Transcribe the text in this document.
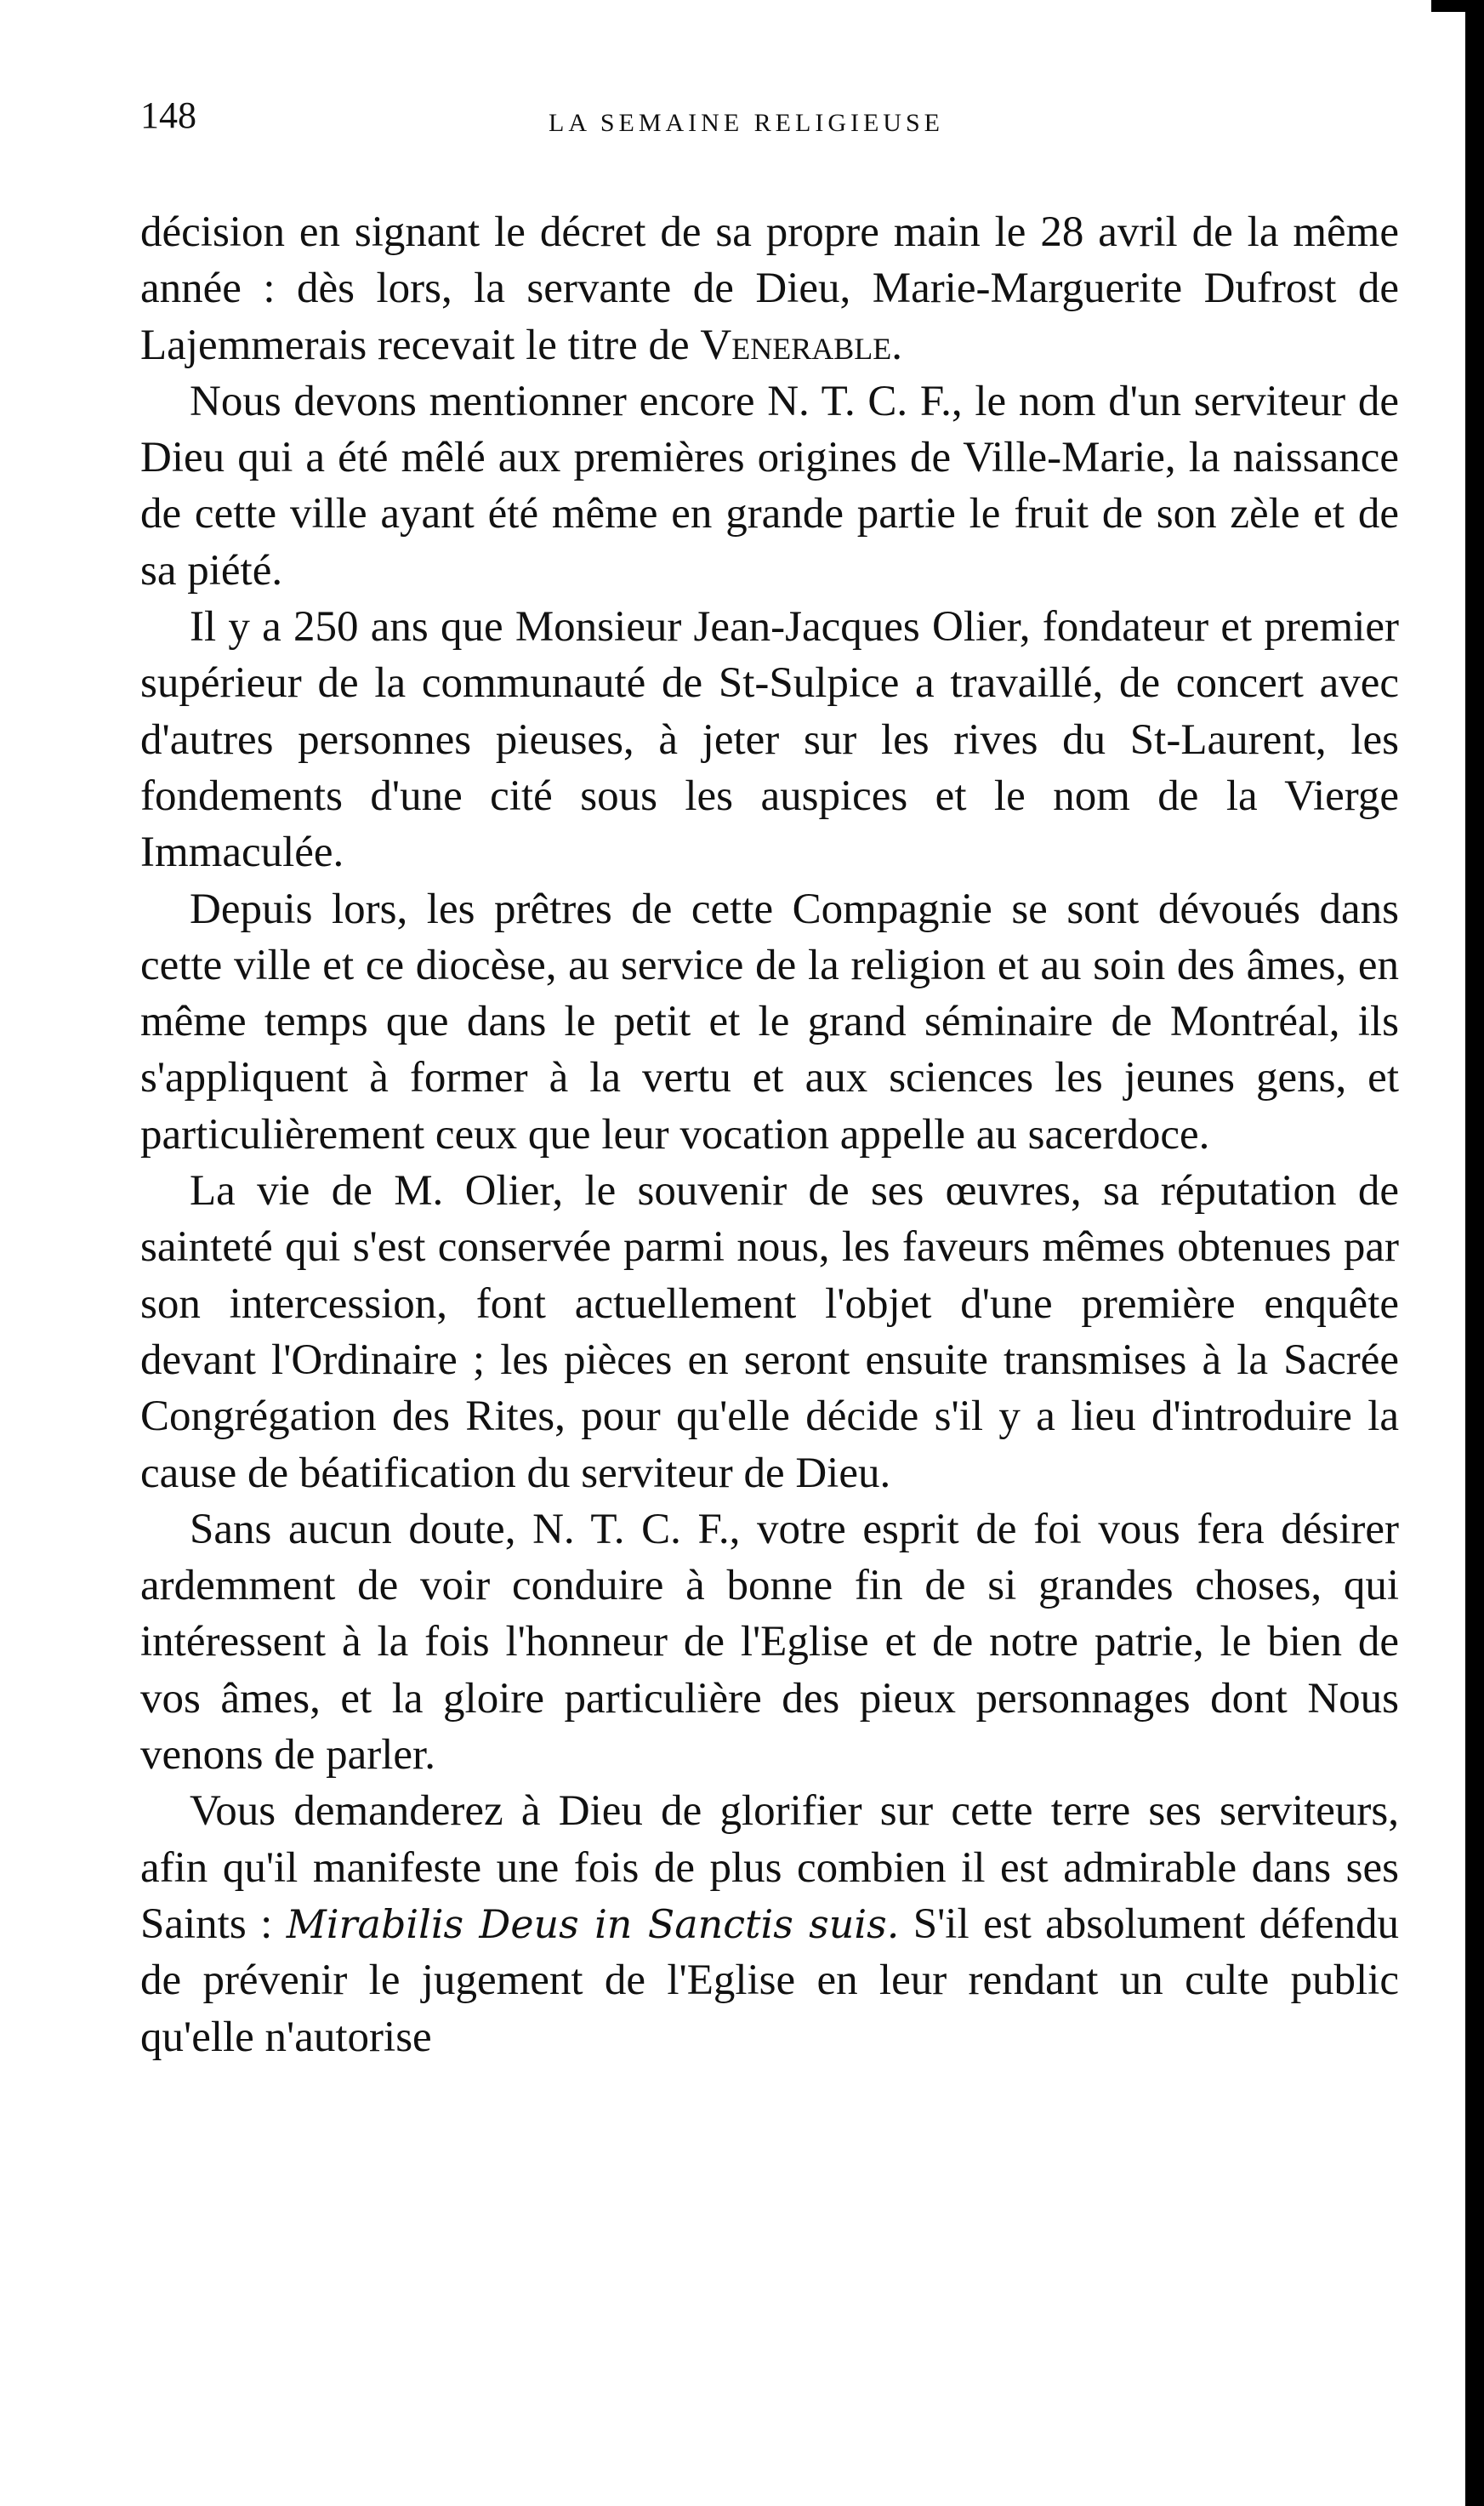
148	LA SEMAINE RELIGIEUSE

décision en signant le décret de sa propre main le 28 avril de la même année : dès lors, la servante de Dieu, Marie-Marguerite Dufrost de Lajemmerais recevait le titre de Venerable.

Nous devons mentionner encore N. T. C. F., le nom d'un serviteur de Dieu qui a été mêlé aux premières origines de Ville-Marie, la naissance de cette ville ayant été même en grande partie le fruit de son zèle et de sa piété.

Il y a 250 ans que Monsieur Jean-Jacques Olier, fondateur et premier supérieur de la communauté de St-Sulpice a travaillé, de concert avec d'autres personnes pieuses, à jeter sur les rives du St-Laurent, les fondements d'une cité sous les auspices et le nom de la Vierge Immaculée.

Depuis lors, les prêtres de cette Compagnie se sont dévoués dans cette ville et ce diocèse, au service de la religion et au soin des âmes, en même temps que dans le petit et le grand séminaire de Montréal, ils s'appliquent à former à la vertu et aux sciences les jeunes gens, et particulièrement ceux que leur vocation appelle au sacerdoce.

La vie de M. Olier, le souvenir de ses œuvres, sa réputation de sainteté qui s'est conservée parmi nous, les faveurs mêmes obtenues par son intercession, font actuellement l'objet d'une première enquête devant l'Ordinaire ; les pièces en seront ensuite transmises à la Sacrée Congrégation des Rites, pour qu'elle décide s'il y a lieu d'introduire la cause de béatification du serviteur de Dieu.

Sans aucun doute, N. T. C. F., votre esprit de foi vous fera désirer ardemment de voir conduire à bonne fin de si grandes choses, qui intéressent à la fois l'honneur de l'Eglise et de notre patrie, le bien de vos âmes, et la gloire particulière des pieux personnages dont Nous venons de parler.

Vous demanderez à Dieu de glorifier sur cette terre ses serviteurs, afin qu'il manifeste une fois de plus combien il est admirable dans ses Saints : Mirabilis Deus in Sanctis suis. S'il est absolument défendu de prévenir le jugement de l'Eglise en leur rendant un culte public qu'elle n'autorise
